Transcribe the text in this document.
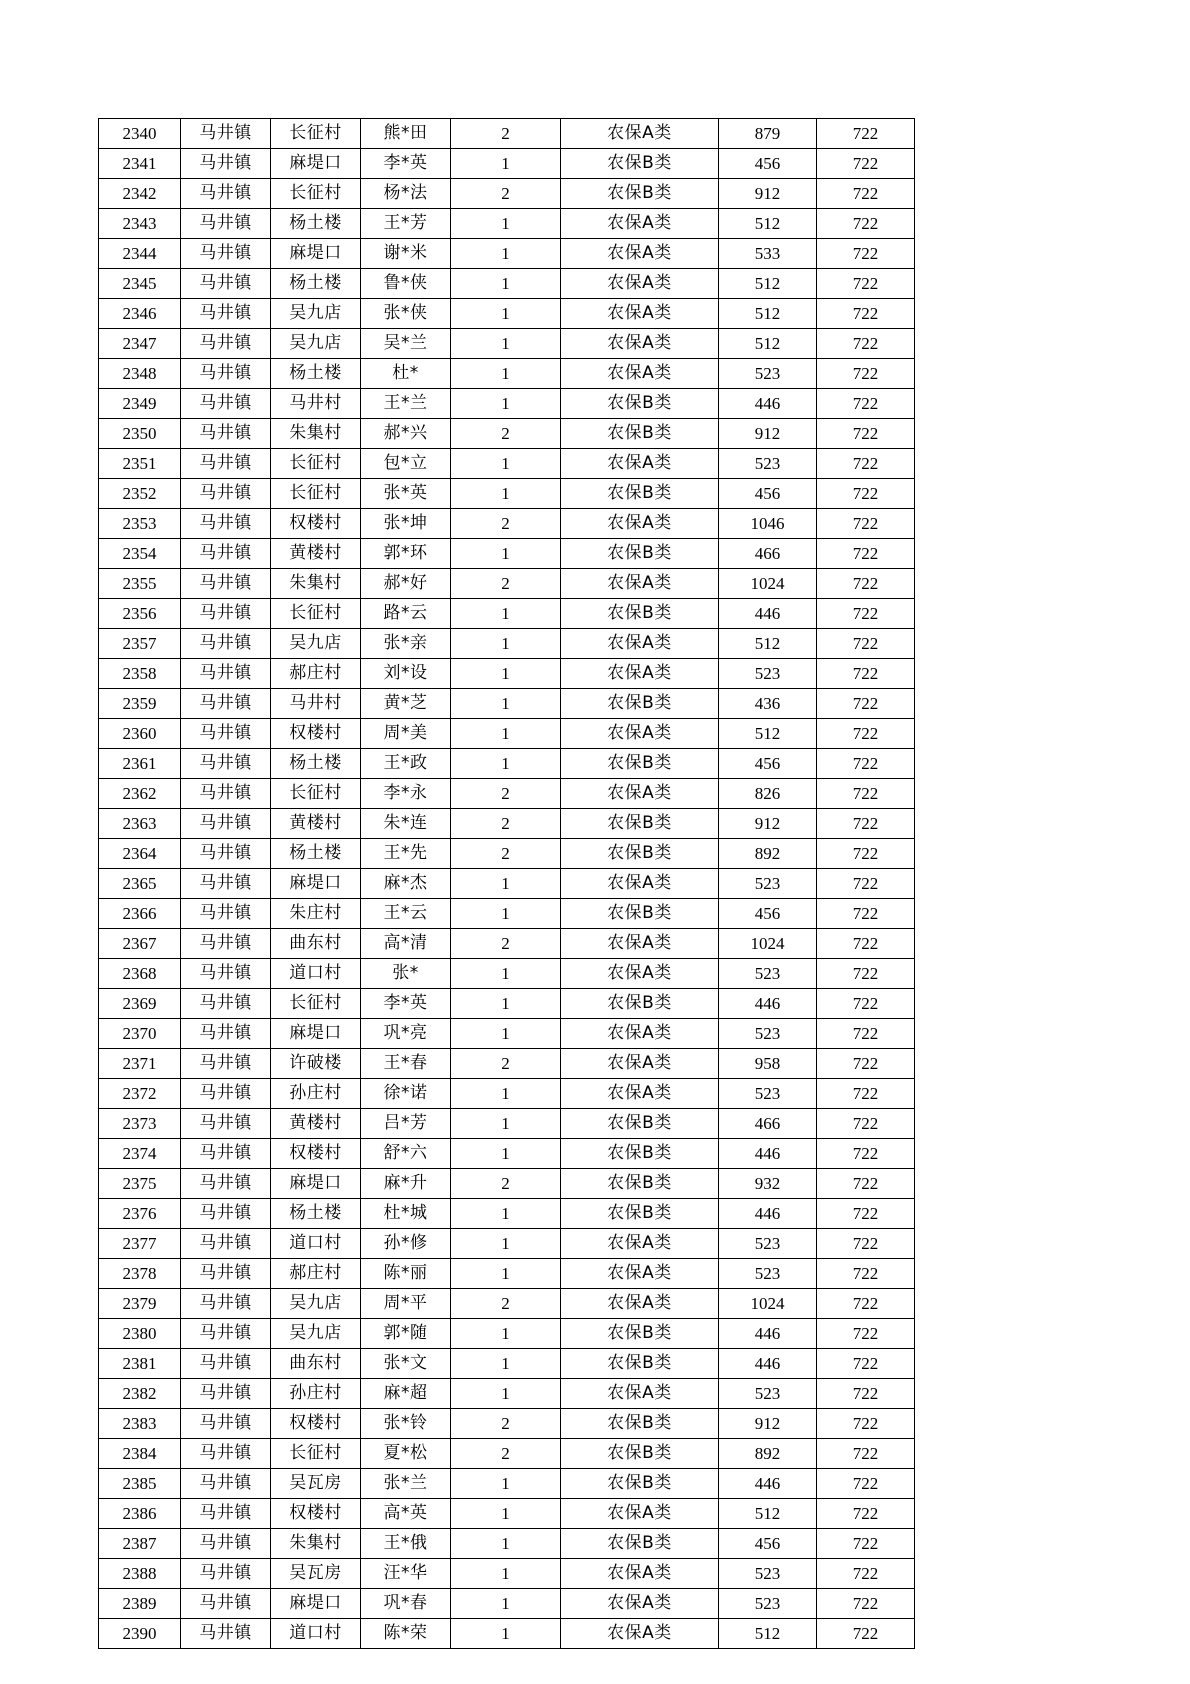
2340	马井镇	长征村	熊*田	2	农保A类	879	722
2341	马井镇	麻堤口	李*英	1	农保B类	456	722
2342	马井镇	长征村	杨*法	2	农保B类	912	722
2343	马井镇	杨土楼	王*芳	1	农保A类	512	722
2344	马井镇	麻堤口	谢*米	1	农保A类	533	722
2345	马井镇	杨土楼	鲁*侠	1	农保A类	512	722
2346	马井镇	吴九店	张*侠	1	农保A类	512	722
2347	马井镇	吴九店	吴*兰	1	农保A类	512	722
2348	马井镇	杨土楼	杜*	1	农保A类	523	722
2349	马井镇	马井村	王*兰	1	农保B类	446	722
2350	马井镇	朱集村	郝*兴	2	农保B类	912	722
2351	马井镇	长征村	包*立	1	农保A类	523	722
2352	马井镇	长征村	张*英	1	农保B类	456	722
2353	马井镇	权楼村	张*坤	2	农保A类	1046	722
2354	马井镇	黄楼村	郭*环	1	农保B类	466	722
2355	马井镇	朱集村	郝*好	2	农保A类	1024	722
2356	马井镇	长征村	路*云	1	农保B类	446	722
2357	马井镇	吴九店	张*亲	1	农保A类	512	722
2358	马井镇	郝庄村	刘*设	1	农保A类	523	722
2359	马井镇	马井村	黄*芝	1	农保B类	436	722
2360	马井镇	权楼村	周*美	1	农保A类	512	722
2361	马井镇	杨土楼	王*政	1	农保B类	456	722
2362	马井镇	长征村	李*永	2	农保A类	826	722
2363	马井镇	黄楼村	朱*连	2	农保B类	912	722
2364	马井镇	杨土楼	王*先	2	农保B类	892	722
2365	马井镇	麻堤口	麻*杰	1	农保A类	523	722
2366	马井镇	朱庄村	王*云	1	农保B类	456	722
2367	马井镇	曲东村	高*清	2	农保A类	1024	722
2368	马井镇	道口村	张*	1	农保A类	523	722
2369	马井镇	长征村	李*英	1	农保B类	446	722
2370	马井镇	麻堤口	巩*亮	1	农保A类	523	722
2371	马井镇	许破楼	王*春	2	农保A类	958	722
2372	马井镇	孙庄村	徐*诺	1	农保A类	523	722
2373	马井镇	黄楼村	吕*芳	1	农保B类	466	722
2374	马井镇	权楼村	舒*六	1	农保B类	446	722
2375	马井镇	麻堤口	麻*升	2	农保B类	932	722
2376	马井镇	杨土楼	杜*城	1	农保B类	446	722
2377	马井镇	道口村	孙*修	1	农保A类	523	722
2378	马井镇	郝庄村	陈*丽	1	农保A类	523	722
2379	马井镇	吴九店	周*平	2	农保A类	1024	722
2380	马井镇	吴九店	郭*随	1	农保B类	446	722
2381	马井镇	曲东村	张*文	1	农保B类	446	722
2382	马井镇	孙庄村	麻*超	1	农保A类	523	722
2383	马井镇	权楼村	张*铃	2	农保B类	912	722
2384	马井镇	长征村	夏*松	2	农保B类	892	722
2385	马井镇	吴瓦房	张*兰	1	农保B类	446	722
2386	马井镇	权楼村	高*英	1	农保A类	512	722
2387	马井镇	朱集村	王*俄	1	农保B类	456	722
2388	马井镇	吴瓦房	汪*华	1	农保A类	523	722
2389	马井镇	麻堤口	巩*春	1	农保A类	523	722
2390	马井镇	道口村	陈*荣	1	农保A类	512	722
